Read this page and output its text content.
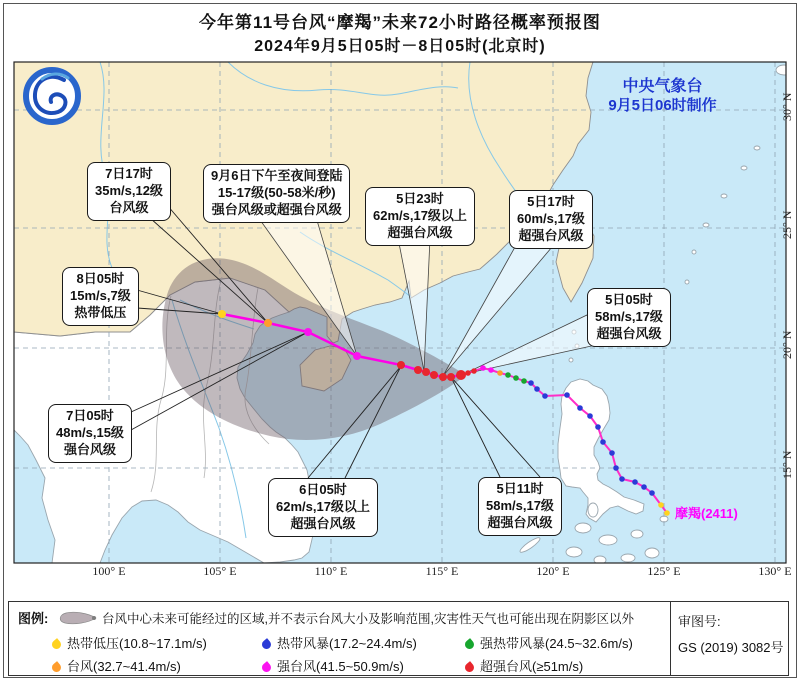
今年第11号台风“摩羯”未来72小时路径概率预报图
2024年9月5日05时－8日05时(北京时)
中央气象台
9月5日06时制作
摩羯(2411)
7日17时
35m/s,12级
台风级
9月6日下午至夜间登陆
15-17级(50-58米/秒)
强台风级或超强台风级
5日23时
62m/s,17级以上
超强台风级
5日17时
60m/s,17级
超强台风级
5日05时
58m/s,17级
超强台风级
8日05时
15m/s,7级
热带低压
7日05时
48m/s,15级
强台风级
6日05时
62m/s,17级以上
超强台风级
5日11时
58m/s,17级
超强台风级
100° E	105° E	110° E	115° E	120° E	125° E	130° E
30° N
25° N
20° N
15° N
图例:	台风中心未来可能经过的区域,并不表示台风大小及影响范围,灾害性天气也可能出现在阴影区以外
热带低压(10.8~17.1m/s)	热带风暴(17.2~24.4m/s)	强热带风暴(24.5~32.6m/s)
台风(32.7~41.4m/s)	强台风(41.5~50.9m/s)	超强台风(≥51m/s)
审图号:
GS (2019) 3082号
